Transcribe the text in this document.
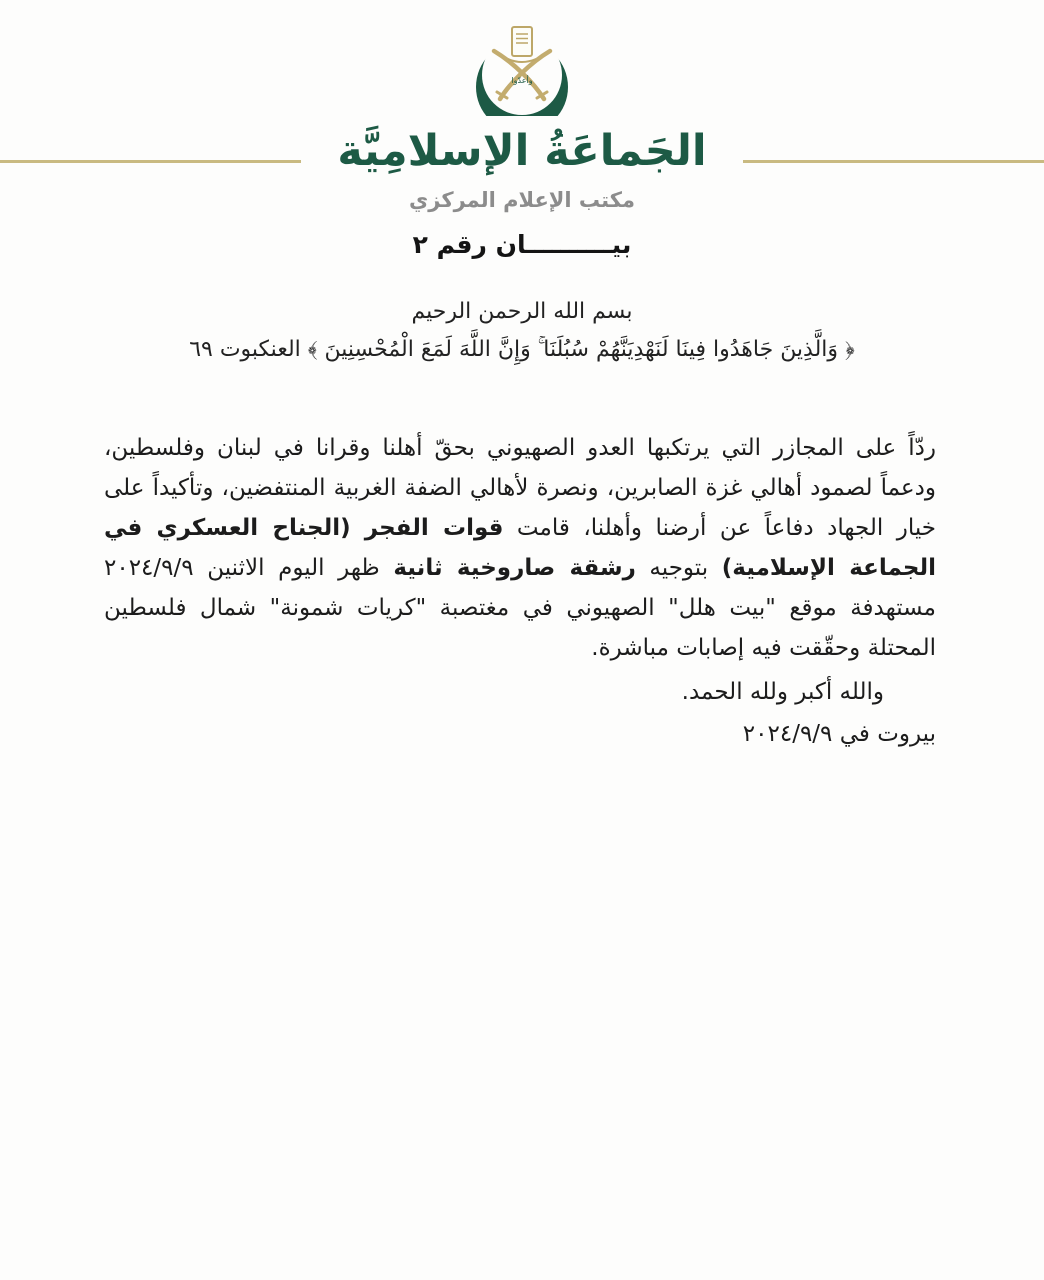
وأعدّوا
الجَماعَةُ الإسلامِيَّة
مكتب الإعلام المركزي
بيــــــــــان رقم ٢
بسم الله الرحمن الرحيم
﴿ وَالَّذِينَ جَاهَدُوا فِينَا لَنَهْدِيَنَّهُمْ سُبُلَنَا ۚ وَإِنَّ اللَّهَ لَمَعَ الْمُحْسِنِينَ ﴾ العنكبوت ٦٩

ردّاً على المجازر التي يرتكبها العدو الصهيوني بحقّ أهلنا وقرانا في لبنان وفلسطين، ودعماً لصمود أهالي غزة الصابرين، ونصرة لأهالي الضفة الغربية المنتفضين، وتأكيداً على خيار الجهاد دفاعاً عن أرضنا وأهلنا، قامت قوات الفجر (الجناح العسكري في الجماعة الإسلامية) بتوجيه رشقة صاروخية ثانية ظهر اليوم الاثنين ٢٠٢٤/٩/٩ مستهدفة موقع "بيت هلل" الصهيوني في مغتصبة "كريات شمونة" شمال فلسطين المحتلة وحقّقت فيه إصابات مباشرة.

والله أكبر ولله الحمد.
بيروت في ٢٠٢٤/٩/٩
